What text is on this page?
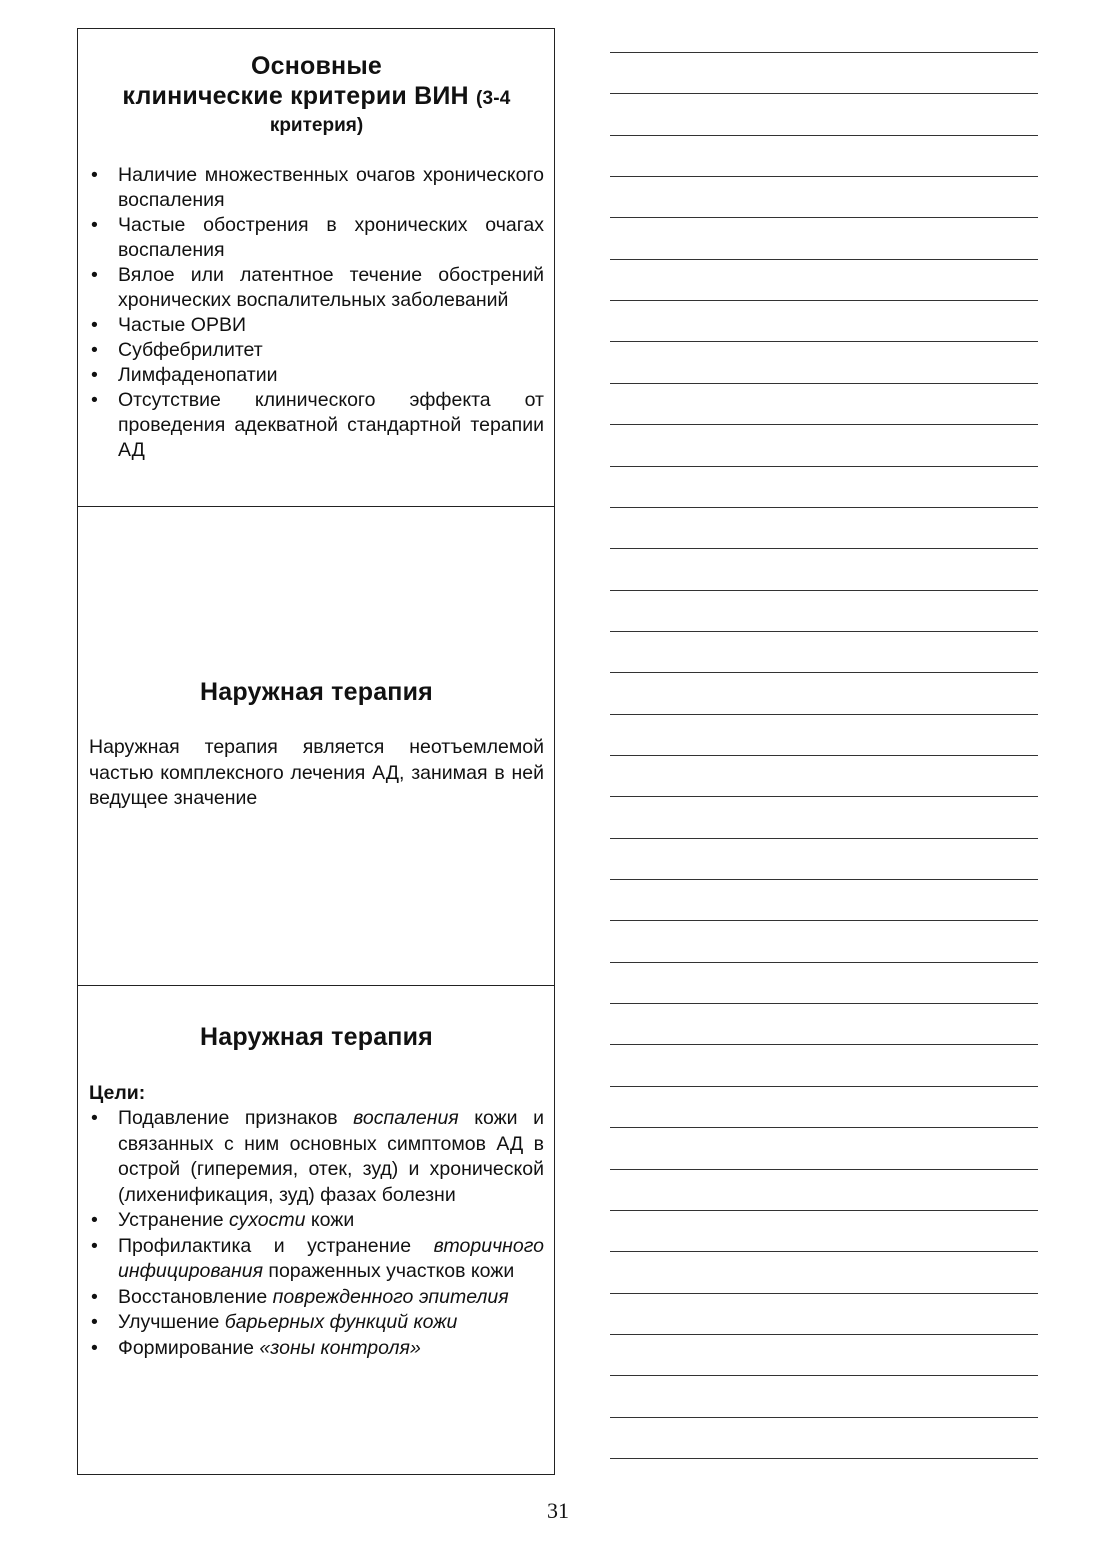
Основные
клинические критерии ВИН (3-4
критерия)
• Наличие множественных очагов хронического воспаления
• Частые обострения в хронических очагах воспаления
• Вялое или латентное течение обострений хронических воспалительных заболеваний
• Частые ОРВИ
• Субфебрилитет
• Лимфаденопатии
• Отсутствие клинического эффекта от проведения адекватной стандартной терапии АД
Наружная терапия

Наружная терапия является неотъемлемой частью комплексного лечения АД, занимая в ней ведущее значение

Наружная терапия
Цели:
• Подавление признаков воспаления кожи и связанных с ним основных симптомов АД в острой (гиперемия, отек, зуд) и хронической (лихенификация, зуд) фазах болезни
• Устранение сухости кожи
• Профилактика и устранение вторичного инфицирования пораженных участков кожи
• Восстановление поврежденного эпителия
• Улучшение барьерных функций кожи
• Формирование «зоны контроля»
31
